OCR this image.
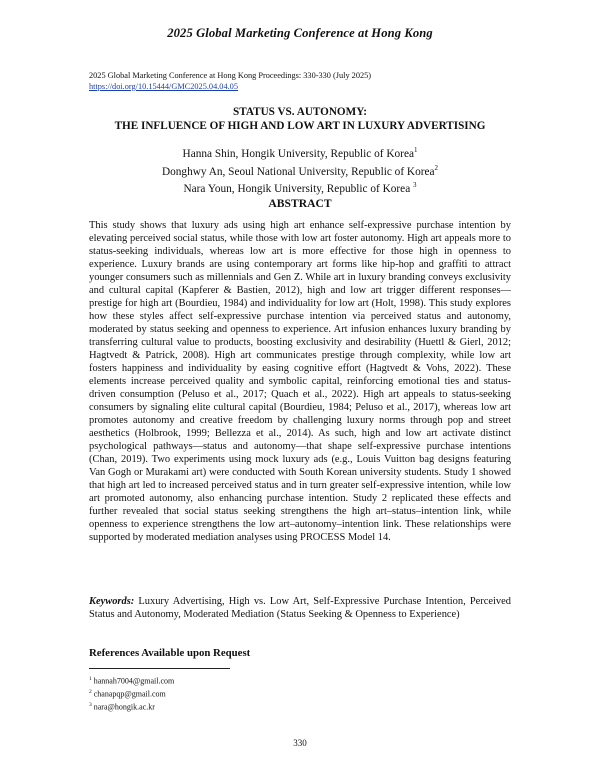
2025 Global Marketing Conference at Hong Kong
2025 Global Marketing Conference at Hong Kong Proceedings: 330-330 (July 2025)
https://doi.org/10.15444/GMC2025.04.04.05
STATUS VS. AUTONOMY:
THE INFLUENCE OF HIGH AND LOW ART IN LUXURY ADVERTISING
Hanna Shin, Hongik University, Republic of Korea$^1$
Donghwy An, Seoul National University, Republic of Korea$^2$
Nara Youn, Hongik University, Republic of Korea $^3$
ABSTRACT
This study shows that luxury ads using high art enhance self-expressive purchase intention by elevating perceived social status, while those with low art foster autonomy. High art appeals more to status-seeking individuals, whereas low art is more effective for those high in openness to experience. Luxury brands are using contemporary art forms like hip-hop and graffiti to attract younger consumers such as millennials and Gen Z. While art in luxury branding conveys exclusivity and cultural capital (Kapferer & Bastien, 2012), high and low art trigger different responses—prestige for high art (Bourdieu, 1984) and individuality for low art (Holt, 1998). This study explores how these styles affect self-expressive purchase intention via perceived status and autonomy, moderated by status seeking and openness to experience. Art infusion enhances luxury branding by transferring cultural value to products, boosting exclusivity and desirability (Huettl & Gierl, 2012; Hagtvedt & Patrick, 2008). High art communicates prestige through complexity, while low art fosters happiness and individuality by easing cognitive effort (Hagtvedt & Vohs, 2022). These elements increase perceived quality and symbolic capital, reinforcing emotional ties and status-driven consumption (Peluso et al., 2017; Quach et al., 2022). High art appeals to status-seeking consumers by signaling elite cultural capital (Bourdieu, 1984; Peluso et al., 2017), whereas low art promotes autonomy and creative freedom by challenging luxury norms through pop and street aesthetics (Holbrook, 1999; Bellezza et al., 2014). As such, high and low art activate distinct psychological pathways—status and autonomy—that shape self-expressive purchase intentions (Chan, 2019). Two experiments using mock luxury ads (e.g., Louis Vuitton bag designs featuring Van Gogh or Murakami art) were conducted with South Korean university students. Study 1 showed that high art led to increased perceived status and in turn greater self-expressive intention, while low art promoted autonomy, also enhancing purchase intention. Study 2 replicated these effects and further revealed that social status seeking strengthens the high art–status–intention link, while openness to experience strengthens the low art–autonomy–intention link. These relationships were supported by moderated mediation analyses using PROCESS Model 14.
Keywords: Luxury Advertising, High vs. Low Art, Self-Expressive Purchase Intention, Perceived Status and Autonomy, Moderated Mediation (Status Seeking & Openness to Experience)
References Available upon Request
$^1$ hannah7004@gmail.com
$^2$ chanapqp@gmail.com
$^3$ nara@hongik.ac.kr
330
